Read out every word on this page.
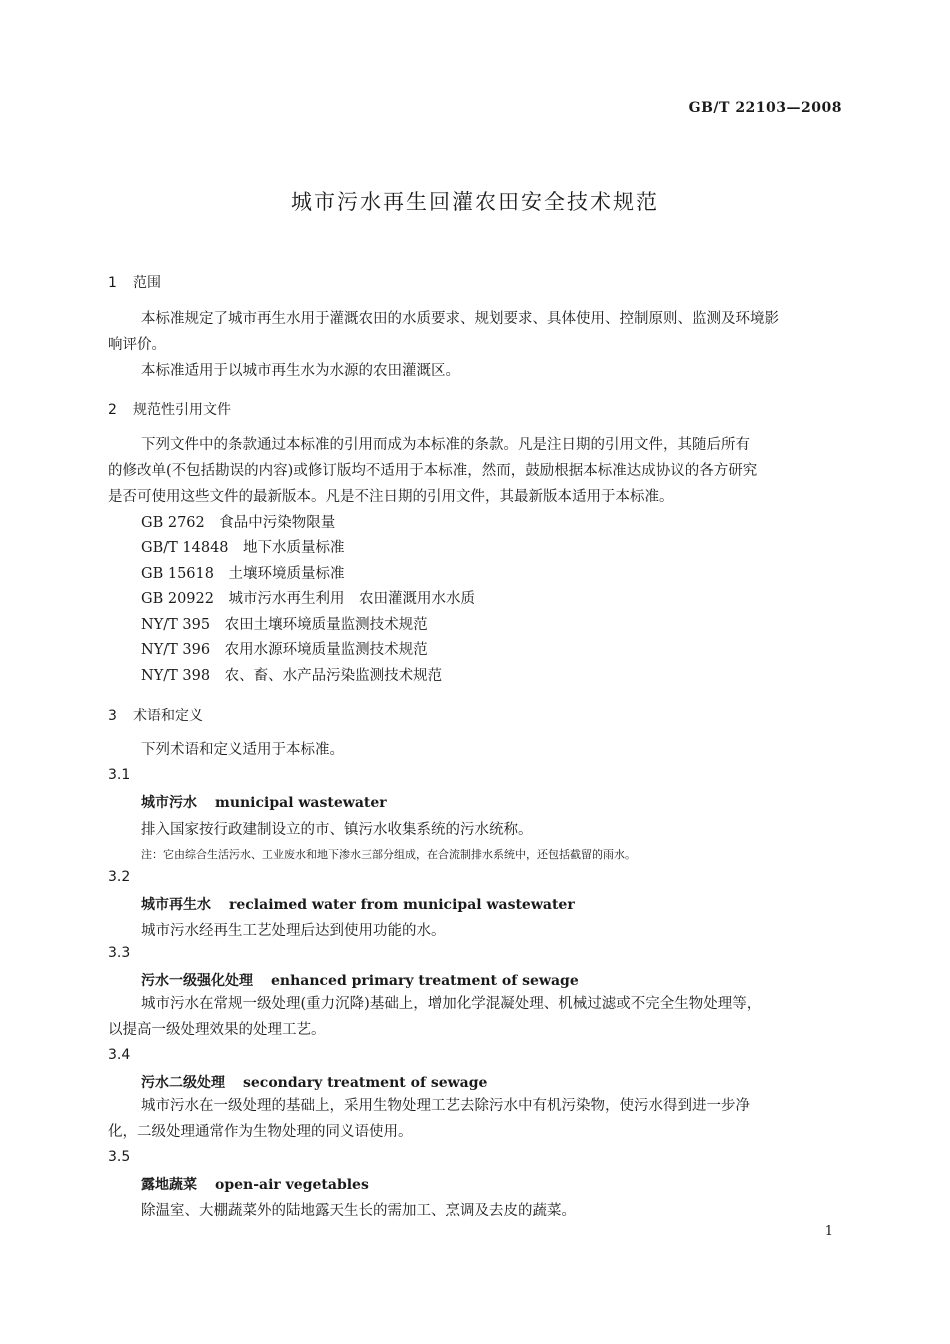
GB/T 22103—2008
城市污水再生回灌农田安全技术规范
1 范围
本标准规定了城市再生水用于灌溉农田的水质要求、规划要求、具体使用、控制原则、监测及环境影
响评价。
本标准适用于以城市再生水为水源的农田灌溉区。
2 规范性引用文件
下列文件中的条款通过本标准的引用而成为本标准的条款。凡是注日期的引用文件，其随后所有
的修改单(不包括勘误的内容)或修订版均不适用于本标准，然而，鼓励根据本标准达成协议的各方研究
是否可使用这些文件的最新版本。凡是不注日期的引用文件，其最新版本适用于本标准。
GB 2762　食品中污染物限量
GB/T 14848　地下水质量标准
GB 15618　土壤环境质量标准
GB 20922　城市污水再生利用　农田灌溉用水水质
NY/T 395　农田土壤环境质量监测技术规范
NY/T 396　农用水源环境质量监测技术规范
NY/T 398　农、畜、水产品污染监测技术规范
3 术语和定义
下列术语和定义适用于本标准。
3.1
城市污水 municipal wastewater
排入国家按行政建制设立的市、镇污水收集系统的污水统称。
注：它由综合生活污水、工业废水和地下渗水三部分组成，在合流制排水系统中，还包括截留的雨水。
3.2
城市再生水 reclaimed water from municipal wastewater
城市污水经再生工艺处理后达到使用功能的水。
3.3
污水一级强化处理 enhanced primary treatment of sewage
城市污水在常规一级处理(重力沉降)基础上，增加化学混凝处理、机械过滤或不完全生物处理等，
以提高一级处理效果的处理工艺。
3.4
污水二级处理 secondary treatment of sewage
城市污水在一级处理的基础上，采用生物处理工艺去除污水中有机污染物，使污水得到进一步净
化，二级处理通常作为生物处理的同义语使用。
3.5
露地蔬菜 open-air vegetables
除温室、大棚蔬菜外的陆地露天生长的需加工、烹调及去皮的蔬菜。
1
